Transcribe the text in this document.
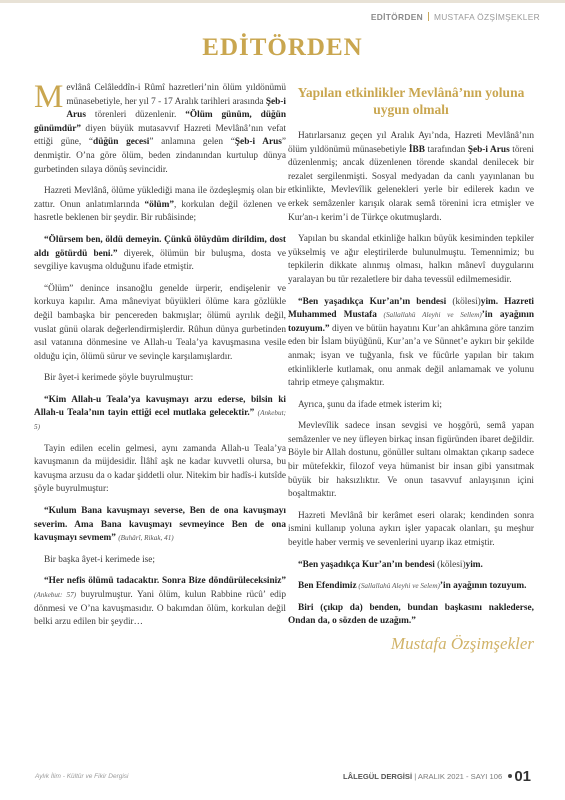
EDİTÖRDEN MUSTAFA ÖZŞİMŞEKLER
EDİTÖRDEN

Mevlânâ Celâleddîn-i Rûmî hazretleri’nin ölüm yıldönümü münasebetiyle, her yıl 7 - 17 Aralık tarihleri arasında Şeb-i Arus törenleri düzenlenir. “Ölüm günüm, düğün günümdür” diyen büyük mutasavvıf Hazreti Mevlânâ’nın vefat ettiği güne, “düğün gecesi” anlamına gelen “Şeb-i Arus” denmiştir. O’na göre ölüm, beden zindanından kurtulup dünya gurbetinden sılaya dönüş sevincidir.

Hazreti Mevlânâ, ölüme yüklediği mana ile özdeşleşmiş olan bir zattır. Onun anlatımlarında “ölüm”, korkulan değil özlenen ve hasretle beklenen bir şeydir. Bir rubâisinde;

“Ölürsem ben, öldü demeyin. Çünkü ölüydüm dirildim, dost aldı götürdü beni.” diyerek, ölümün bir buluşma, dosta ve sevgiliye kavuşma olduğunu ifade etmiştir.

“Ölüm” denince insanoğlu genelde ürperir, endişelenir ve korkuya kapılır. Ama mâneviyat büyükleri ölüme kara gözlükle değil bambaşka bir pencereden bakmışlar; ölümü ayrılık değil, vuslat günü olarak değerlendirmişlerdir. Rûhun dünya gurbetinden asıl vatanına dönmesine ve Allah-u Teala’ya kavuşmasına vesile olduğu için, ölümü sürur ve sevinçle karşılamışlardır.

Bir âyet-i kerimede şöyle buyrulmuştur:

“Kim Allah-u Teala’ya kavuşmayı arzu ederse, bilsin ki Allah-u Teala’nın tayin ettiği ecel mutlaka gelecektir.” (Ankebut; 5)

Tayin edilen ecelin gelmesi, aynı zamanda Allah-u Teala’ya kavuşmanın da müjdesidir. İlâhî aşk ne kadar kuvvetli olursa, bu kavuşma arzusu da o kadar şiddetli olur. Nitekim bir hadîs-i kutsîde şöyle buyrulmuştur:

“Kulum Bana kavuşmayı severse, Ben de ona kavuşmayı severim. Ama Bana kavuşmayı sevmeyince Ben de ona kavuşmayı sevmem” (Buhârî, Rikak, 41)

Bir başka âyet-i kerimede ise;

“Her nefis ölümü tadacaktır. Sonra Bize döndürüleceksiniz” (Ankebut: 57) buyrulmuştur. Yani ölüm, kulun Rabbine rücû’ edip dönmesi ve O’na kavuşmasıdır. O bakımdan ölüm, korkulan değil belki arzu edilen bir şeydir…

Yapılan etkinlikler Mevlânâ’nın yoluna uygun olmalı

Hatırlarsanız geçen yıl Aralık Ayı’nda, Hazreti Mevlânâ’nın ölüm yıldönümü münasebetiyle İBB tarafından Şeb-i Arus töreni düzenlenmiş; ancak düzenlenen törende skandal denilecek bir rezalet sergilenmişti. Sosyal medyadan da canlı yayınlanan bu etkinlikte, Mevlevîlik gelenekleri yerle bir edilerek kadın ve erkek semâzenler karışık olarak semâ törenini icra etmişler ve Kur'an-ı kerim’i de Türkçe okutmuşlardı.

Yapılan bu skandal etkinliğe halkın büyük kesiminden tepkiler yükselmiş ve ağır eleştirilerde bulunulmuştu. Temennimiz; bu tepkilerin dikkate alınmış olması, halkın mânevî duygularını yaralayan bu tür rezaletlere bir daha tevessül edilmemesidir.

“Ben yaşadıkça Kur’an’ın bendesi (kölesi)yim. Hazreti Muhammed Mustafa (Sallallahü Aleyhi ve Sellem)’in ayağının tozuyum.” diyen ve bütün hayatını Kur’an ahkâmına göre tanzim eden bir İslam büyüğünü, Kur’an’a ve Sünnet’e aykırı bir şekilde anmak; isyan ve tuğyanla, fısk ve fücûrle yapılan bir takım etkinliklerle kutlamak, onu anmak değil anlamamak ve yolunu tahrip etmeye çalışmaktır.

Ayrıca, şunu da ifade etmek isterim ki;

Mevlevîlik sadece insan sevgisi ve hoşgörü, semâ yapan semâzenler ve ney üfleyen birkaç insan figüründen ibaret değildir. Böyle bir Allah dostunu, gönüller sultanı olmaktan çıkarıp sadece bir mütefekkir, filozof veya hümanist bir insan gibi yansıtmak büyük bir haksızlıktır. Ve onun tasavvuf anlayışının içini boşaltmaktır.

Hazreti Mevlânâ bir kerâmet eseri olarak; kendinden sonra ismini kullanıp yoluna aykırı işler yapacak olanları, şu meşhur beyitle haber vermiş ve sevenlerini uyarıp ikaz etmiştir.

“Ben yaşadıkça Kur’an’ın bendesi (kölesi)yim.

Ben Efendimiz (Sallallahü Aleyhi ve Selem)’in ayağının tozuyum.

Biri (çıkıp da) benden, bundan başkasını naklederse, Ondan da, o sözden de uzağım.”

Mustafa Özşimşekler
Aylık İlim - Kültür ve Fikir Dergisi	LÂLEGÜL DERGİSİ | ARALIK 2021 - SAYI 106 01
